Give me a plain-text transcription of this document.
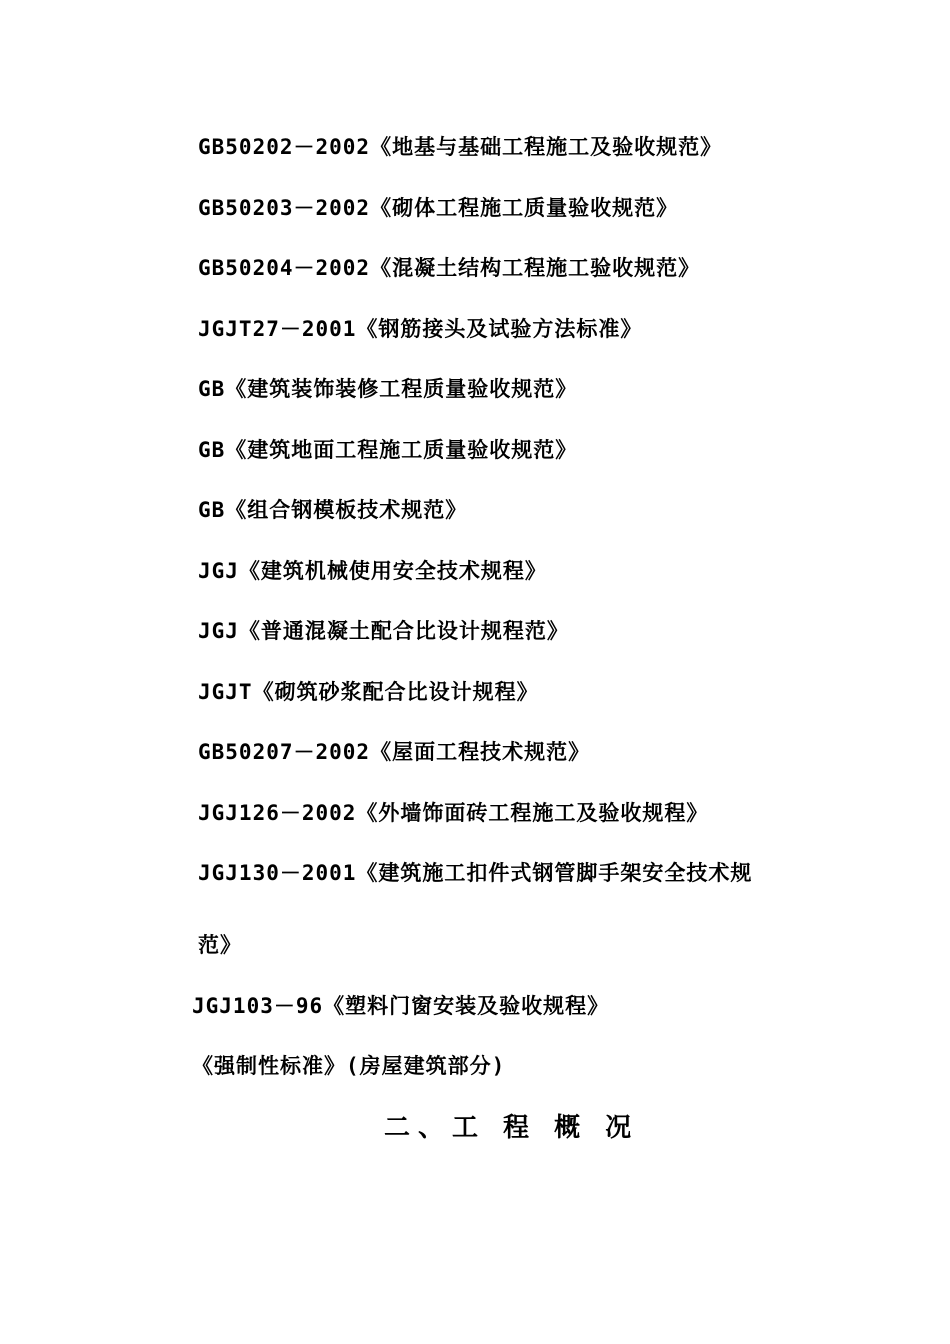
GB50202－2002《地基与基础工程施工及验收规范》
GB50203－2002《砌体工程施工质量验收规范》
GB50204－2002《混凝土结构工程施工验收规范》
JGJT27－2001《钢筋接头及试验方法标准》
GB《建筑装饰装修工程质量验收规范》
GB《建筑地面工程施工质量验收规范》
GB《组合钢模板技术规范》
JGJ《建筑机械使用安全技术规程》
JGJ《普通混凝土配合比设计规程范》
JGJT《砌筑砂浆配合比设计规程》
GB50207－2002《屋面工程技术规范》
JGJ126－2002《外墙饰面砖工程施工及验收规程》
JGJ130－2001《建筑施工扣件式钢管脚手架安全技术规
范》
JGJ103－96《塑料门窗安装及验收规程》
《强制性标准》(房屋建筑部分)
二、工 程 概 况
